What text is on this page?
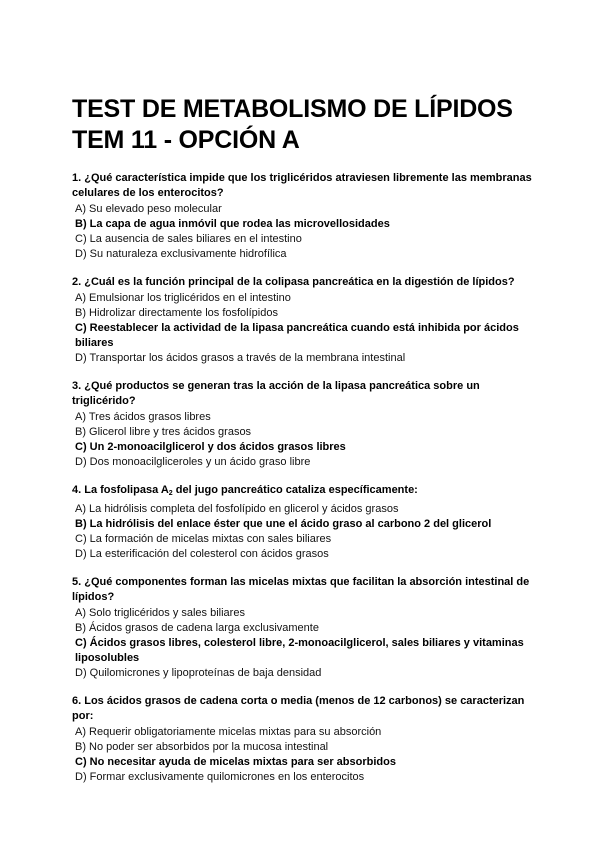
TEST DE METABOLISMO DE LÍPIDOS
TEM 11 - OPCIÓN A

1. ¿Qué característica impide que los triglicéridos atraviesen libremente las membranas celulares de los enterocitos?

A) Su elevado peso molecular

B) La capa de agua inmóvil que rodea las microvellosidades

C) La ausencia de sales biliares en el intestino

D) Su naturaleza exclusivamente hidrofílica

2. ¿Cuál es la función principal de la colipasa pancreática en la digestión de lípidos?

A) Emulsionar los triglicéridos en el intestino

B) Hidrolizar directamente los fosfolípidos

C) Reestablecer la actividad de la lipasa pancreática cuando está inhibida por ácidos biliares

D) Transportar los ácidos grasos a través de la membrana intestinal

3. ¿Qué productos se generan tras la acción de la lipasa pancreática sobre un triglicérido?

A) Tres ácidos grasos libres

B) Glicerol libre y tres ácidos grasos

C) Un 2-monoacilglicerol y dos ácidos grasos libres

D) Dos monoacilgliceroles y un ácido graso libre

4. La fosfolipasa $A_2$ del jugo pancreático cataliza específicamente:

A) La hidrólisis completa del fosfolípido en glicerol y ácidos grasos

B) La hidrólisis del enlace éster que une el ácido graso al carbono 2 del glicerol

C) La formación de micelas mixtas con sales biliares

D) La esterificación del colesterol con ácidos grasos

5. ¿Qué componentes forman las micelas mixtas que facilitan la absorción intestinal de lípidos?

A) Solo triglicéridos y sales biliares

B) Ácidos grasos de cadena larga exclusivamente

C) Ácidos grasos libres, colesterol libre, 2-monoacilglicerol, sales biliares y vitaminas liposolubles

D) Quilomicrones y lipoproteínas de baja densidad

6. Los ácidos grasos de cadena corta o media (menos de 12 carbonos) se caracterizan por:

A) Requerir obligatoriamente micelas mixtas para su absorción

B) No poder ser absorbidos por la mucosa intestinal

C) No necesitar ayuda de micelas mixtas para ser absorbidos

D) Formar exclusivamente quilomicrones en los enterocitos
